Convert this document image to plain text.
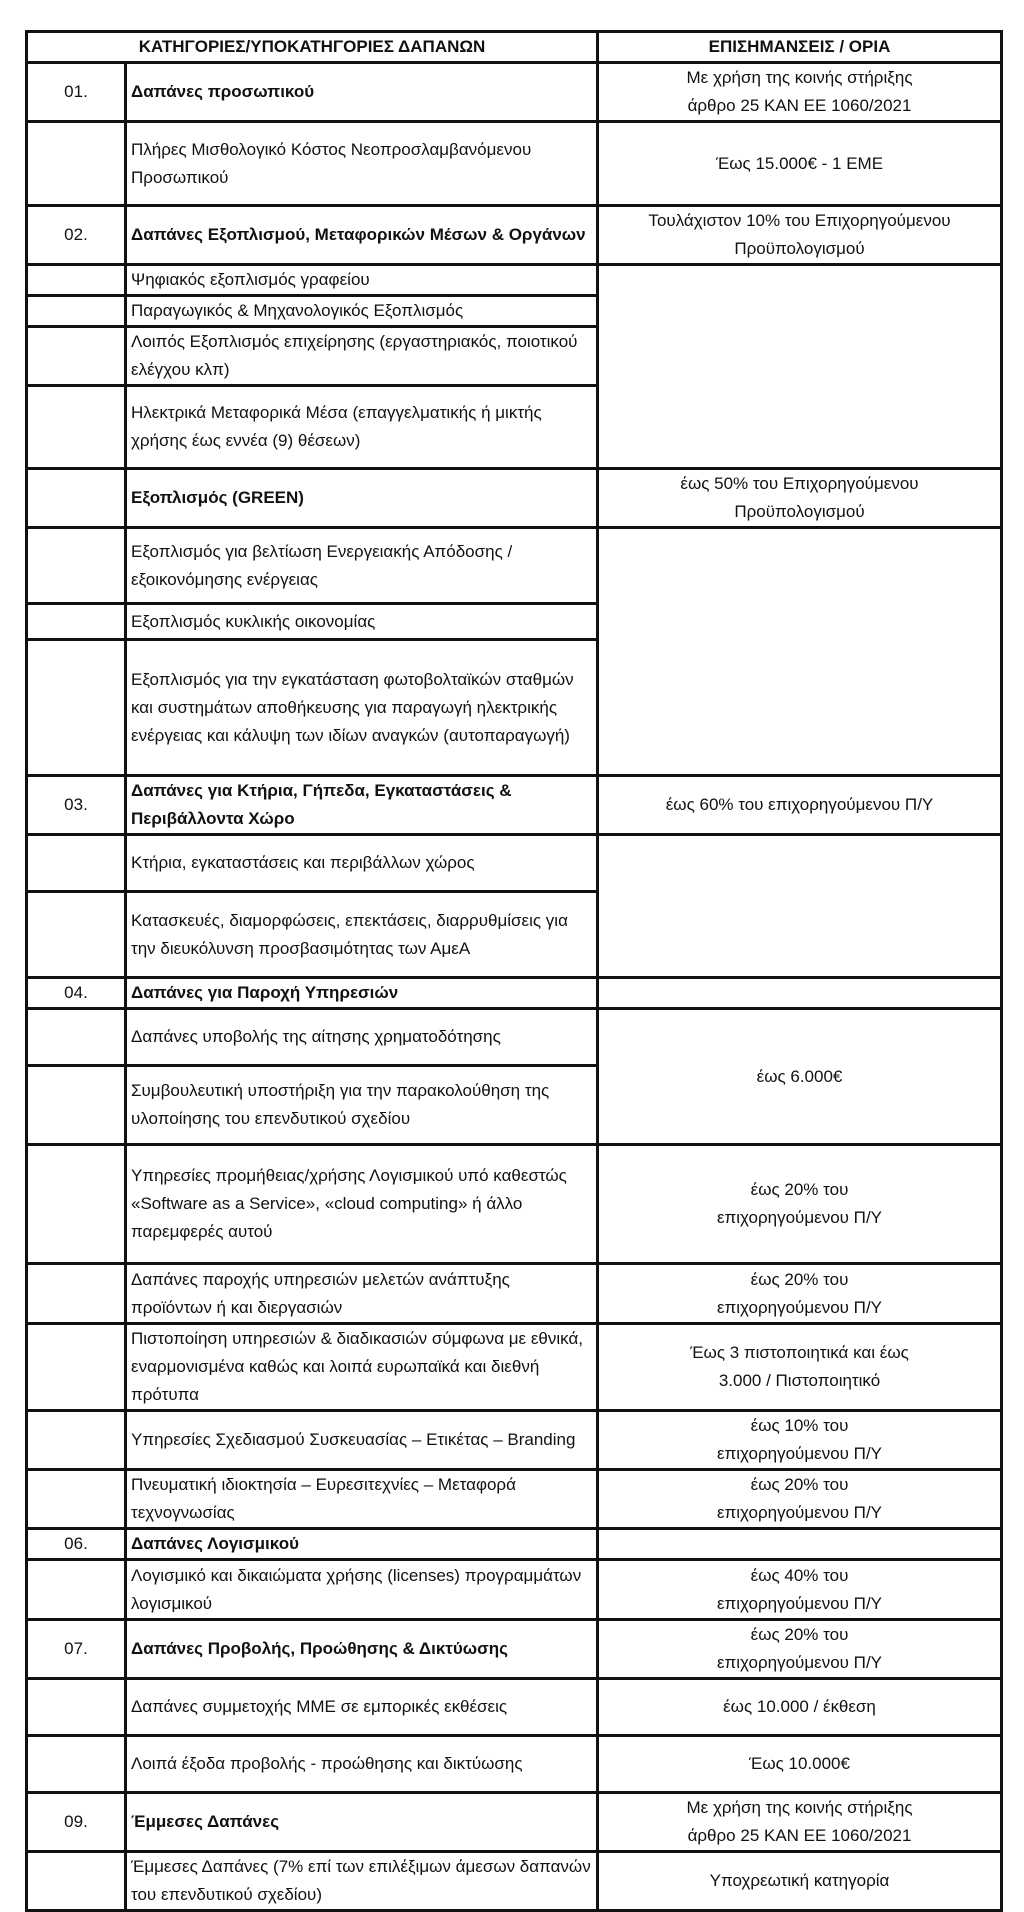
ΚΑΤΗΓΟΡΙΕΣ/ΥΠΟΚΑΤΗΓΟΡΙΕΣ ΔΑΠΑΝΩΝ		ΕΠΙΣΗΜΑΝΣΕΙΣ / ΟΡΙΑ
01.	Δαπάνες προσωπικού	Με χρήση της κοινής στήριξης
άρθρο 25 ΚΑΝ ΕΕ 1060/2021

	Πλήρες Μισθολογικό Κόστος Νεοπροσλαμβανόμενου Προσωπικού	Έως 15.000€ - 1 ΕΜΕ

02.	Δαπάνες Εξοπλισμού, Μεταφορικών Μέσων & Οργάνων	Τουλάχιστον 10% του Επιχορηγούμενου
Προϋπολογισμού

	Ψηφιακός εξοπλισμός γραφείου	
	Παραγωγικός & Μηχανολογικός Εξοπλισμός	
	Λοιπός Εξοπλισμός επιχείρησης (εργαστηριακός, ποιοτικού ελέγχου κλπ)	
	Ηλεκτρικά Μεταφορικά Μέσα (επαγγελματικής ή μικτής χρήσης έως εννέα (9) θέσεων)	
	Εξοπλισμός (GREEN)	έως 50% του Επιχορηγούμενου
Προϋπολογισμού

	Εξοπλισμός για βελτίωση Ενεργειακής Απόδοσης /εξοικονόμησης ενέργειας	
	Εξοπλισμός κυκλικής οικονομίας	
	Εξοπλισμός για την εγκατάσταση φωτοβολταϊκών σταθμών και συστημάτων αποθήκευσης για παραγωγή ηλεκτρικής ενέργειας και κάλυψη των ιδίων αναγκών (αυτοπαραγωγή)	
03.	Δαπάνες για Κτήρια, Γήπεδα, Εγκαταστάσεις & Περιβάλλοντα Χώρο	έως 60% του επιχορηγούμενου Π/Υ

	Κτήρια, εγκαταστάσεις και περιβάλλων χώρος	
	Κατασκευές, διαμορφώσεις, επεκτάσεις, διαρρυθμίσεις για την διευκόλυνση προσβασιμότητας των ΑμεΑ	
04.	Δαπάνες για Παροχή Υπηρεσιών	
	Δαπάνες υποβολής της αίτησης χρηματοδότησης	έως 6.000€

	Συμβουλευτική υποστήριξη για την παρακολούθηση της υλοποίησης του επενδυτικού σχεδίου	
	Υπηρεσίες προμήθειας/χρήσης Λογισμικού υπό καθεστώς «Software as a Service», «cloud computing» ή άλλο παρεμφερές αυτού	έως 20% του
επιχορηγούμενου Π/Υ

	Δαπάνες παροχής υπηρεσιών μελετών ανάπτυξης προϊόντων ή και διεργασιών	έως 20% του
επιχορηγούμενου Π/Υ

	Πιστοποίηση υπηρεσιών & διαδικασιών σύμφωνα με εθνικά, εναρμονισμένα καθώς και λοιπά ευρωπαϊκά και διεθνή πρότυπα	Έως 3 πιστοποιητικά και έως
3.000 / Πιστοποιητικό

	Υπηρεσίες Σχεδιασμού Συσκευασίας – Ετικέτας – Branding	έως 10% του
επιχορηγούμενου Π/Υ

	Πνευματική ιδιοκτησία – Ευρεσιτεχνίες – Μεταφορά τεχνογνωσίας	έως 20% του
επιχορηγούμενου Π/Υ

06.	Δαπάνες Λογισμικού	
	Λογισμικό και δικαιώματα χρήσης (licenses) προγραμμάτων λογισμικού	έως 40% του
επιχορηγούμενου Π/Υ

07.	Δαπάνες Προβολής, Προώθησης & Δικτύωσης	έως 20% του
επιχορηγούμενου Π/Υ

	Δαπάνες συμμετοχής ΜΜΕ σε εμπορικές εκθέσεις	έως 10.000 / έκθεση

	Λοιπά έξοδα προβολής - προώθησης και δικτύωσης	Έως 10.000€

09.	Έμμεσες Δαπάνες	Με χρήση της κοινής στήριξης
άρθρο 25 ΚΑΝ ΕΕ 1060/2021

	Έμμεσες Δαπάνες (7% επί των επιλέξιμων άμεσων δαπανών του επενδυτικού σχεδίου)	Υποχρεωτική κατηγορία
